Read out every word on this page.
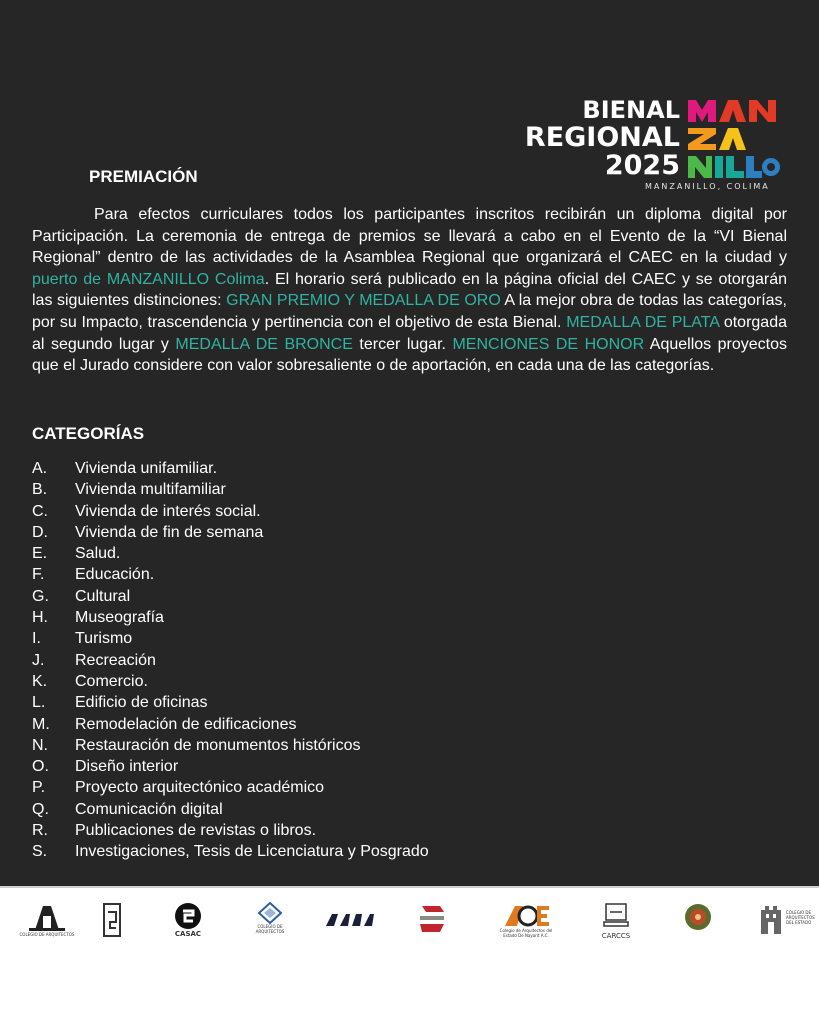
BIENAL
REGIONAL
2025
MANZANILLO, COLIMA
PREMIACIÓN

Para efectos curriculares todos los participantes inscritos recibirán un diploma digital por Participación. La ceremonia de entrega de premios se llevará a cabo en el Evento de la “VI Bienal Regional” dentro de las actividades de la Asamblea Regional que organizará el CAEC en la ciudad y puerto de MANZANILLO Colima. El horario será publicado en la página oficial del CAEC y se otorgarán las siguientes distinciones: GRAN PREMIO Y MEDALLA DE ORO A la mejor obra de todas las categorías, por su Impacto, trascendencia y pertinencia con el objetivo de esta Bienal. MEDALLA DE PLATA otorgada al segundo lugar y MEDALLA DE BRONCE tercer lugar. MENCIONES DE HONOR Aquellos proyectos que el Jurado considere con valor sobresaliente o de aportación, en cada una de las categorías.

CATEGORÍAS
A.	Vivienda unifamiliar.
B.	Vivienda multifamiliar
C.	Vivienda de interés social.
D.	Vivienda de fin de semana
E.	Salud.
F.	Educación.
G.	Cultural
H.	Museografía
I.	Turismo
J.	Recreación
K.	Comercio.
L.	Edificio de oficinas
M.	Remodelación de edificaciones
N.	Restauración de monumentos históricos
O.	Diseño interior
P.	Proyecto arquitectónico académico
Q.	Comunicación digital
R.	Publicaciones de revistas o libros.
S.	Investigaciones, Tesis de Licenciatura y Posgrado
COLEGIO DE ARQUITECTOS	CASAC
COLEGIO DE ARQUITECTOS	Colegio de Arquitectos del Estado De Nayarit A.C.	CARCCS
COLEGIO DE ARQUITECTOS DEL ESTADO
